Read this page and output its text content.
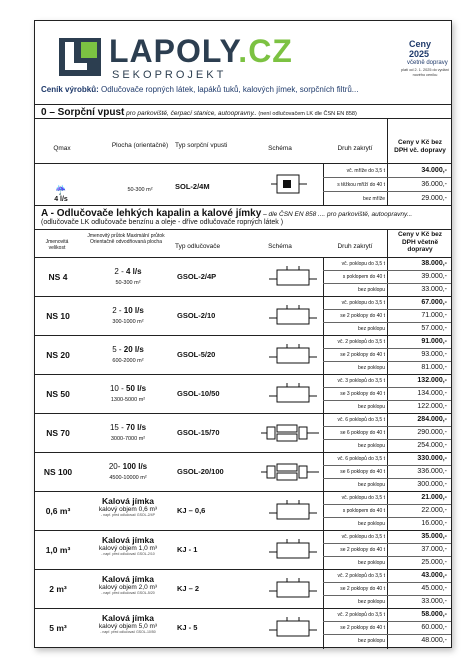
LAPOLY.CZ
SEKOPROJEKT
Ceny 2025
včetně dopravy
platí od 2. 1. 2025 do vydání nového ceníku
Ceník výrobků: Odlučovače ropných látek, lapáků tuků, kalových jímek, sorpčních filtrů...
0 – Sorpční vpust pro parkoviště, čerpací stanice, autoopravny.. (není odlučovačem LK dle ČSN EN 858)
Qmax	Plocha (orientačně)	Typ sorpční vpusti	Schéma	Druh zakrytí
Ceny v Kč bez DPH vč. dopravy
☔
4 l/s
50-300 m²	SOL-2/4M
vč. mříže do 3,5 t	34.000,-
s těžkou mříží do 40 t	36.000,-
bez mříže	29.000,-
A - Odlučovače lehkých kapalin a kalové jímky – dle ČSN EN 858 .... pro parkoviště, autoopravny...
(odlučovače LK odlučovače benzínu a oleje - dříve odlučovače ropných látek )
Jmenovitá velikost
Jmenovitý průtok Maximální průtok Orientačně odvodňovaná plocha
Typ odlučovače	Schéma	Druh zakrytí
Ceny v Kč bez DPH včetně dopravy
NS 4
2 - 4 l/s
50-300 m²
GSOL-2/4P
vč. poklopu do 3,5 t	38.000,-
s poklopem do 40 t	39.000,-
bez poklopu	33.000,-
NS 10
2 - 10 l/s
300-1000 m²
GSOL-2/10
vč. poklopu do 3,5 t	67.000,-
se 2 poklopy do 40 t	71.000,-
bez poklopu	57.000,-
NS 20
5 - 20 l/s
600-2000 m²
GSOL-5/20
vč. 2 poklopů do 3,5 t	91.000,-
se 2 poklopy do 40 t	93.000,-
bez poklopu	81.000,-
NS 50
10 - 50 l/s
1300-5000 m²
GSOL-10/50
vč. 3 poklopů do 3,5 t	132.000,-
se 3 poklopy do 40 t	134.000,-
bez poklopu	122.000,-
NS 70
15 - 70 l/s
3000-7000 m²
GSOL-15/70
vč. 6 poklopů do 3,5 t	284.000,-
se 6 poklopy do 40 t	290.000,-
bez poklopu	254.000,-
NS 100
20- 100 l/s
4500-10000 m²
GSOL-20/100
vč. 6 poklopů do 3,5 t	330.000,-
se 6 poklopy do 40 t	336.000,-
bez poklopu	300.000,-
0,6 m³
Kalová jímka
kalový objem 0,6 m³
- např. před odlučovač GSOL-2/4P	KJ – 0,6
vč. poklopu do 3,5 t	21.000,-
s poklopem do 40 t	22.000,-
bez poklopu	16.000,-
1,0 m³
Kalová jímka
kalový objem 1,0 m³
- např. před odlučovač GSOL-2/10	KJ - 1
vč. poklopu do 3,5 t	35.000,-
se 2 poklopy do 40 t	37.000,-
bez poklopu	25.000,-
2 m³
Kalová jímka
kalový objem 2,0 m³
- např. před odlučovač GSOL-5/20	KJ – 2
vč. 2 poklopů do 3,5 t	43.000,-
se 2 poklopy do 40 t	45.000,-
bez poklopu	33.000,-
5 m³
Kalová jímka
kalový objem 5,0 m³
- např. před odlučovač GSOL-10/50	KJ - 5
vč. 2 poklopů do 3,5 t	58.000,-
se 2 poklopy do 40 t	60.000,-
bez poklopu	48.000,-
